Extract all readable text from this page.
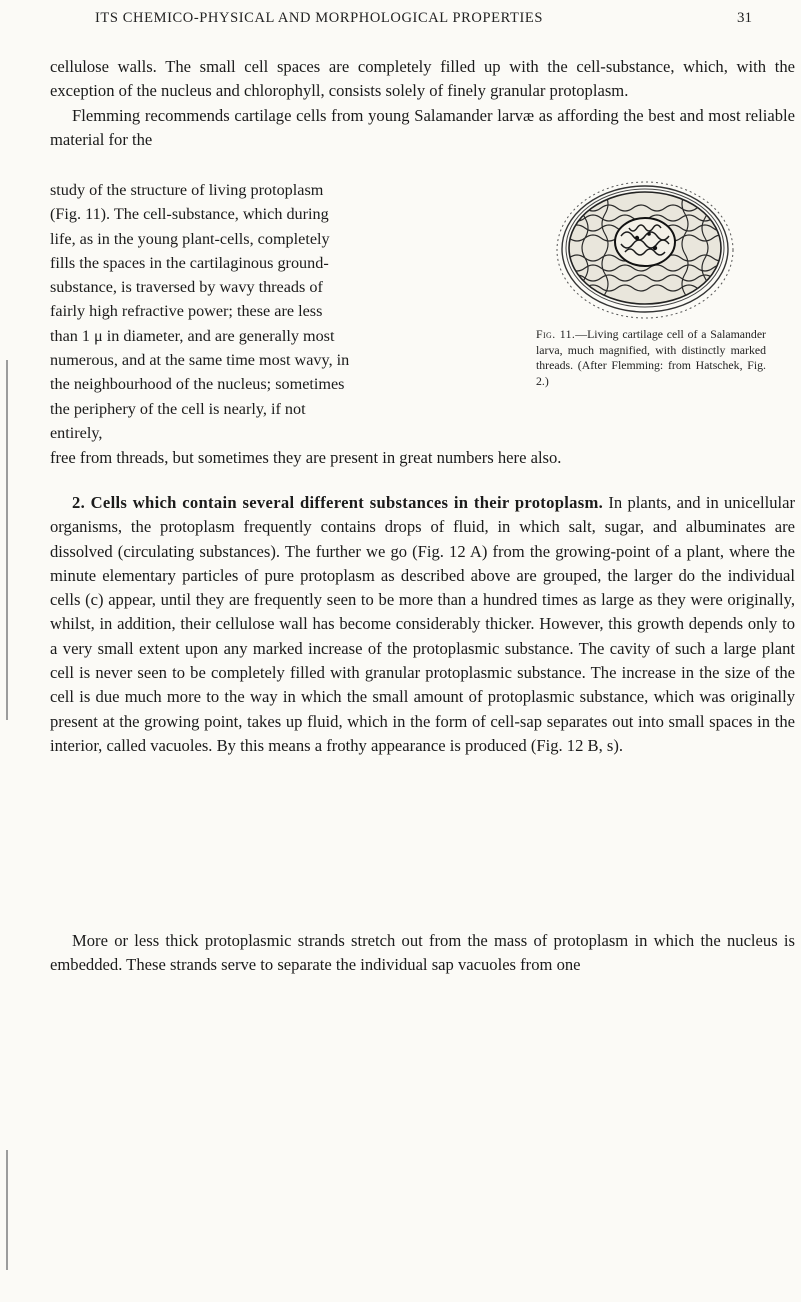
ITS CHEMICO-PHYSICAL AND MORPHOLOGICAL PROPERTIES	31

cellulose walls. The small cell spaces are completely filled up with the cell-substance, which, with the exception of the nucleus and chlorophyll, consists solely of finely granular protoplasm.

Flemming recommends cartilage cells from young Salamander larvæ as affording the best and most reliable material for the

study of the structure of living protoplasm (Fig. 11). The cell-substance, which during life, as in the young plant-cells, completely fills the spaces in the cartilaginous ground-substance, is traversed by wavy threads of fairly high refractive power; these are less than 1 μ in diameter, and are generally most numerous, and at the same time most wavy, in the neighbourhood of the nucleus; sometimes the periphery of the cell is nearly, if not entirely,

Fig. 11.—Living cartilage cell of a Salamander larva, much magnified, with distinctly marked threads. (After Flemming: from Hatschek, Fig. 2.)

free from threads, but sometimes they are present in great numbers here also.

2. Cells which contain several different substances in their protoplasm. In plants, and in unicellular organisms, the protoplasm frequently contains drops of fluid, in which salt, sugar, and albuminates are dissolved (circulating substances). The further we go (Fig. 12 A) from the growing-point of a plant, where the minute elementary particles of pure protoplasm as described above are grouped, the larger do the individual cells (c) appear, until they are frequently seen to be more than a hundred times as large as they were originally, whilst, in addition, their cellulose wall has become considerably thicker. However, this growth depends only to a very small extent upon any marked increase of the protoplasmic substance. The cavity of such a large plant cell is never seen to be completely filled with granular protoplasmic substance. The increase in the size of the cell is due much more to the way in which the small amount of protoplasmic substance, which was originally present at the growing point, takes up fluid, which in the form of cell-sap separates out into small spaces in the interior, called vacuoles. By this means a frothy appearance is produced (Fig. 12 B, s).

More or less thick protoplasmic strands stretch out from the mass of protoplasm in which the nucleus is embedded. These strands serve to separate the individual sap vacuoles from one
